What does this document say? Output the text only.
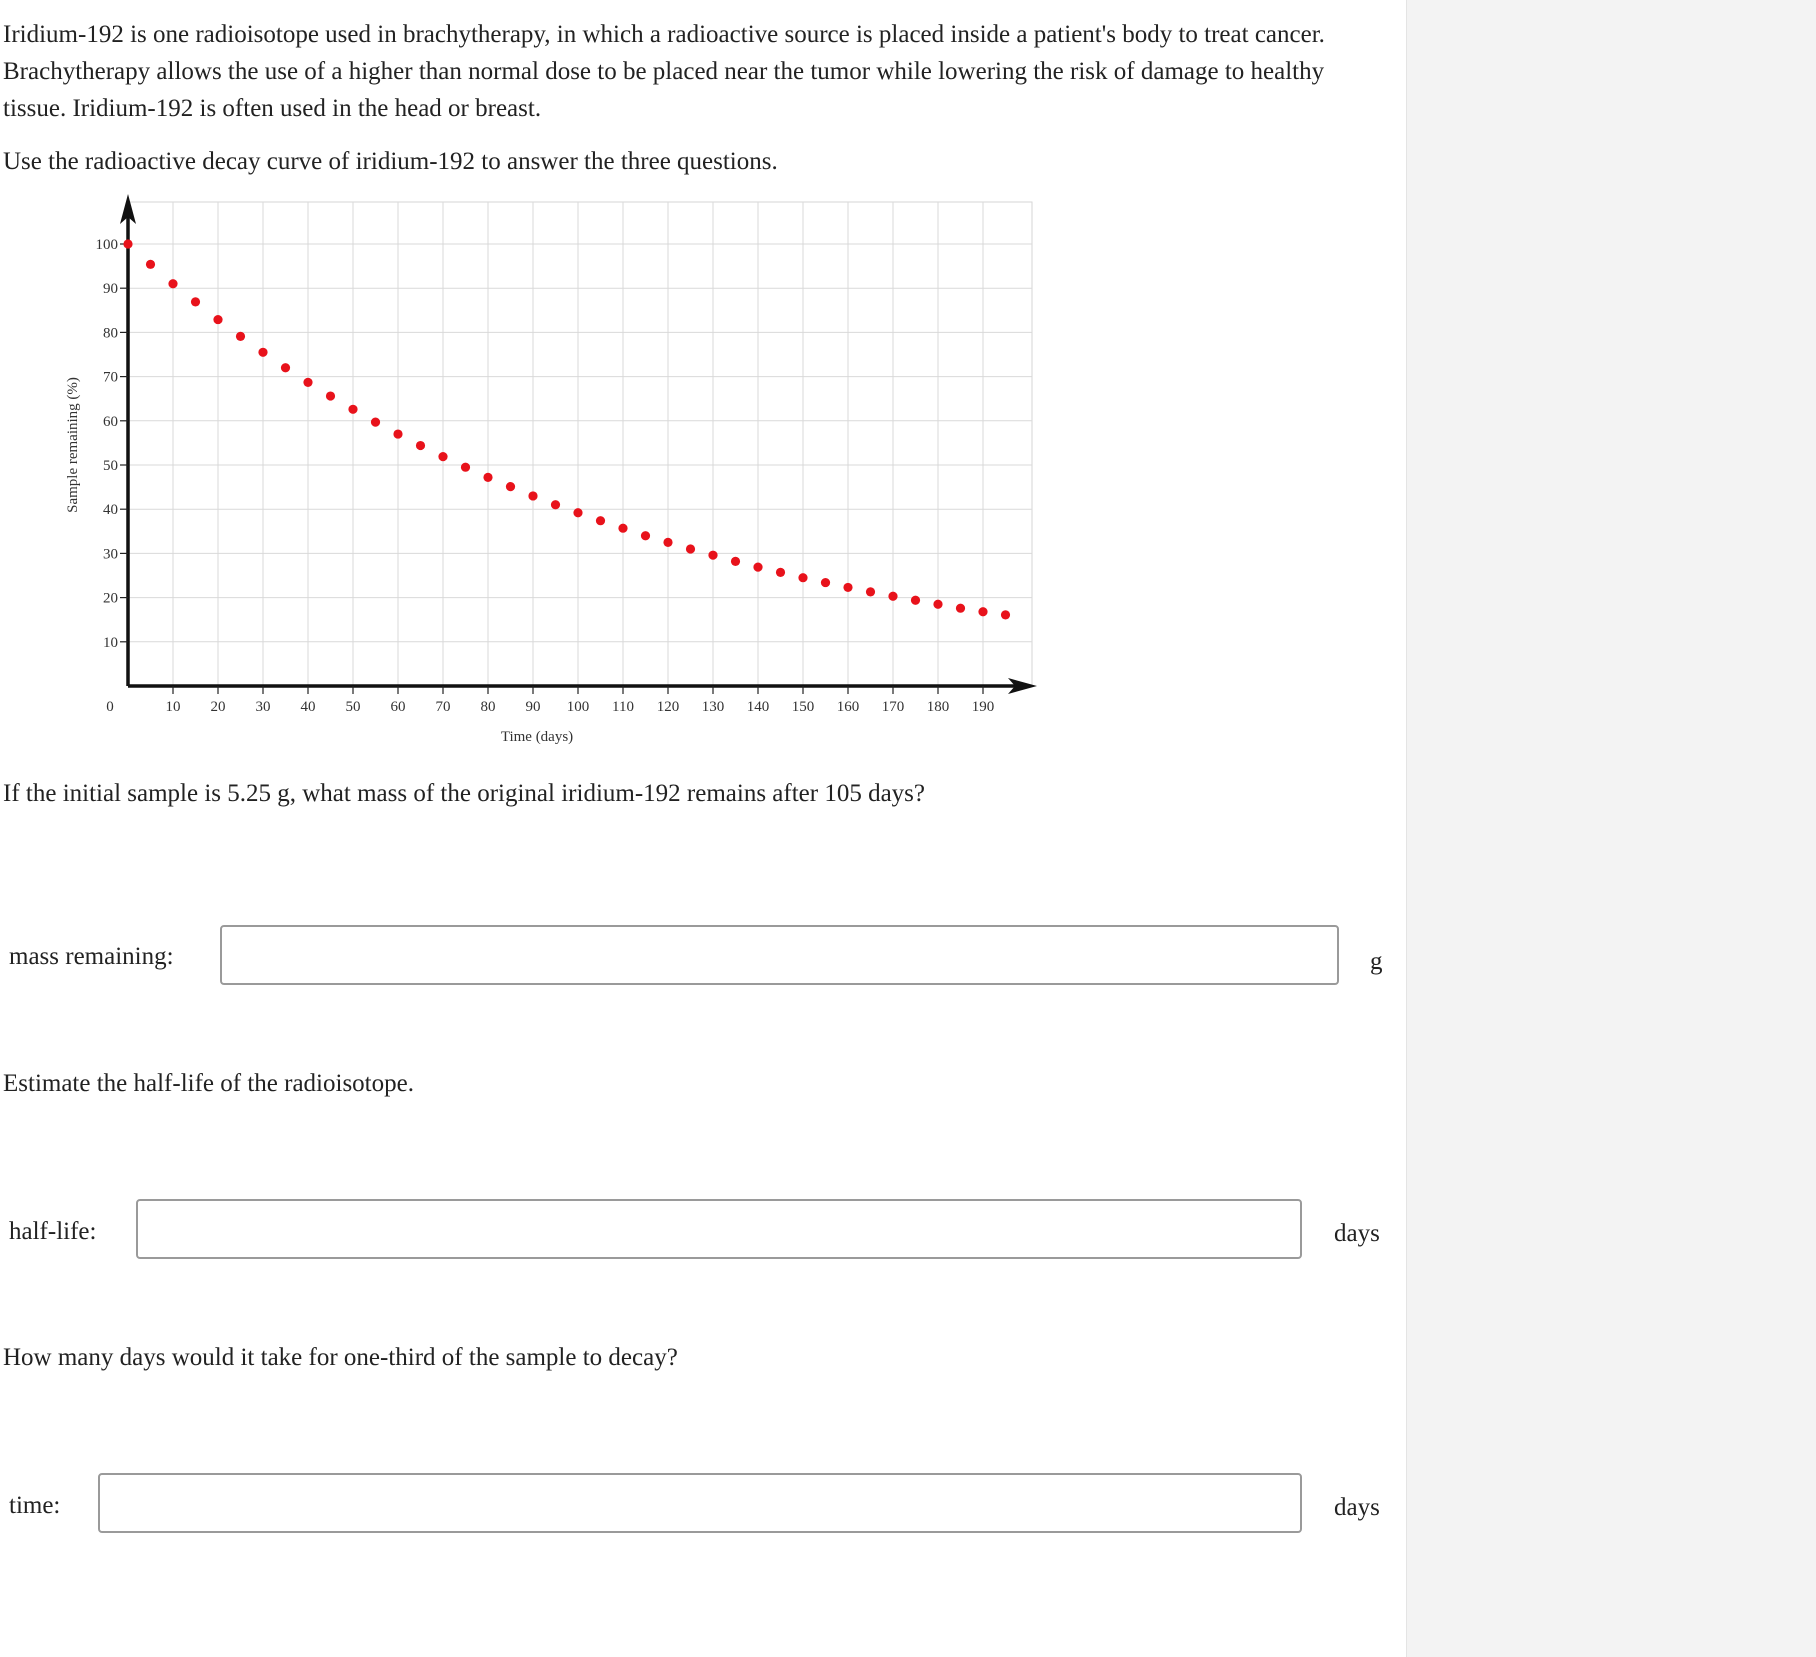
Iridium-192 is one radioisotope used in brachytherapy, in which a radioactive source is placed inside a patient's body to treat cancer. Brachytherapy allows the use of a higher than normal dose to be placed near the tumor while lowering the risk of damage to healthy tissue. Iridium-192 is often used in the head or breast.

Use the radioactive decay curve of iridium-192 to answer the three questions.

10 20 30 40 50 60 70 80 90 100 110 120 130 140 150 160 170 180 190
10
20
30
40
50
60
70
80
90
100
0
Time (days)
Sample remaining (%)

If the initial sample is 5.25 g, what mass of the original iridium-192 remains after 105 days?

mass remaining:	g

Estimate the half-life of the radioisotope.

half-life:	days

How many days would it take for one-third of the sample to decay?

time:	days
